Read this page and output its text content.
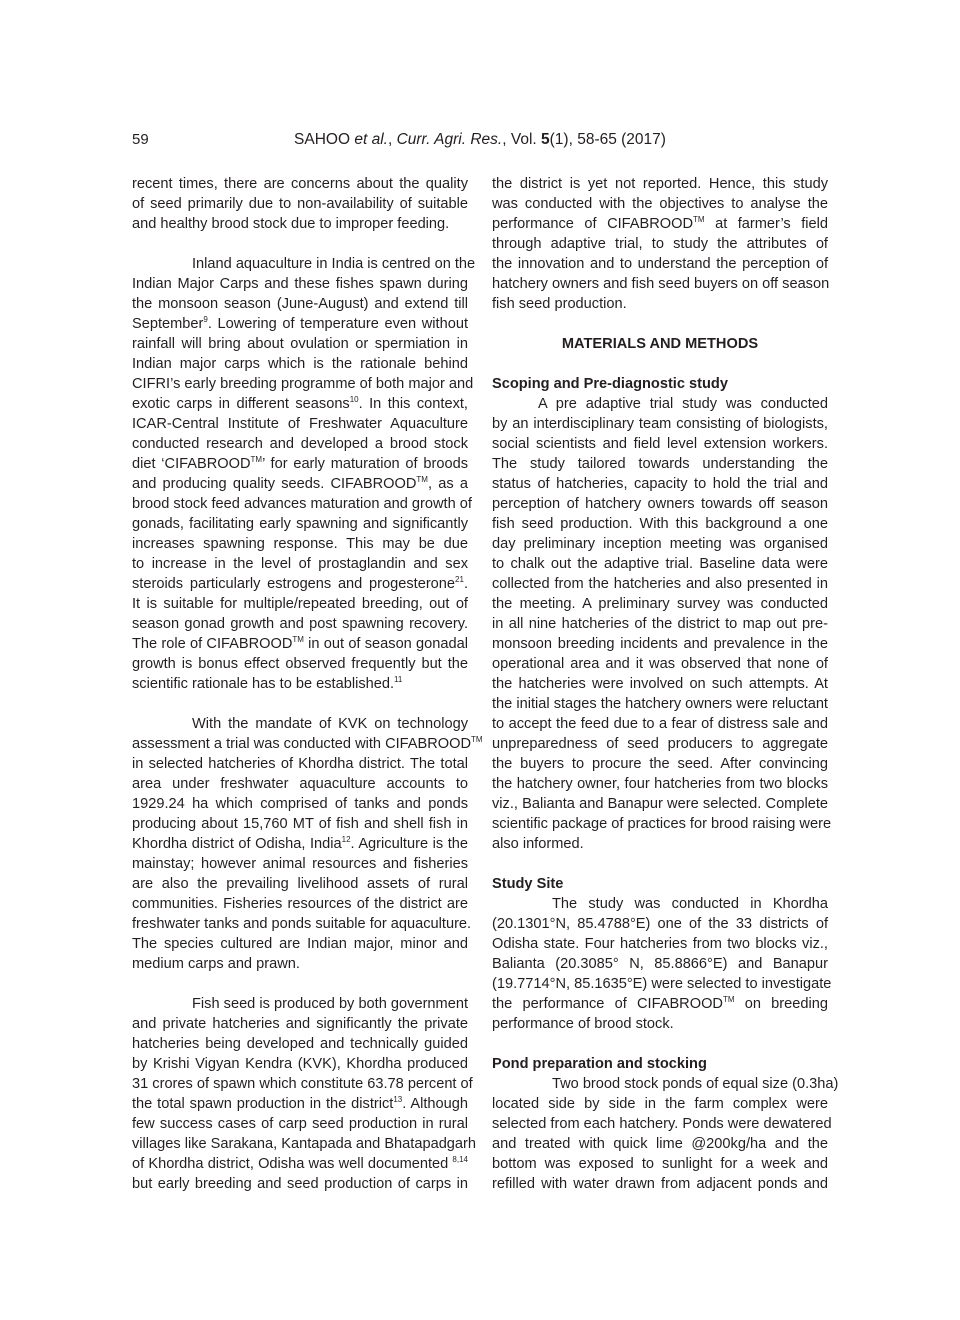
59	SAHOO et al., Curr. Agri. Res., Vol. 5(1), 58-65 (2017)
recent times, there are concerns about the quality
of seed primarily due to non-availability of suitable
and healthy brood stock due to improper feeding.
Inland aquaculture in India is centred on the
Indian Major Carps and these fishes spawn during
the monsoon season (June-August) and extend till
September$^9$. Lowering of temperature even without
rainfall will bring about ovulation or spermiation in
Indian major carps which is the rationale behind
CIFRI’s early breeding programme of both major and
exotic carps in different seasons$^{10}$. In this context,
ICAR-Central Institute of Freshwater Aquaculture
conducted research and developed a brood stock
diet ‘CIFABROOD™’ for early maturation of broods
and producing quality seeds. CIFABROOD™, as a
brood stock feed advances maturation and growth of
gonads, facilitating early spawning and significantly
increases spawning response. This may be due
to increase in the level of prostaglandin and sex
steroids particularly estrogens and progesterone$^{21}$.
It is suitable for multiple/repeated breeding, out of
season gonad growth and post spawning recovery.
The role of CIFABROOD™ in out of season gonadal
growth is bonus effect observed frequently but the
scientific rationale has to be established.$^{11}$
With the mandate of KVK on technology
assessment a trial was conducted with CIFABROOD™
in selected hatcheries of Khordha district. The total
area under freshwater aquaculture accounts to
1929.24 ha which comprised of tanks and ponds
producing about 15,760 MT of fish and shell fish in
Khordha district of Odisha, India$^{12}$. Agriculture is the
mainstay; however animal resources and fisheries
are also the prevailing livelihood assets of rural
communities. Fisheries resources of the district are
freshwater tanks and ponds suitable for aquaculture.
The species cultured are Indian major, minor and
medium carps and prawn.
Fish seed is produced by both government
and private hatcheries and significantly the private
hatcheries being developed and technically guided
by Krishi Vigyan Kendra (KVK), Khordha produced
31 crores of spawn which constitute 63.78 percent of
the total spawn production in the district$^{13}$. Although
few success cases of carp seed production in rural
villages like Sarakana, Kantapada and Bhatapadgarh
of Khordha district, Odisha was well documented $^{8,14}$
but early breeding and seed production of carps in
the district is yet not reported. Hence, this study
was conducted with the objectives to analyse the
performance of CIFABROOD™ at farmer’s field
through adaptive trial, to study the attributes of
the innovation and to understand the perception of
hatchery owners and fish seed buyers on off season
fish seed production.
MATERIALS AND METHODS
Scoping and Pre-diagnostic study
A pre adaptive trial study was conducted
by an interdisciplinary team consisting of biologists,
social scientists and field level extension workers.
The study tailored towards understanding the
status of hatcheries, capacity to hold the trial and
perception of hatchery owners towards off season
fish seed production. With this background a one
day preliminary inception meeting was organised
to chalk out the adaptive trial. Baseline data were
collected from the hatcheries and also presented in
the meeting. A preliminary survey was conducted
in all nine hatcheries of the district to map out pre-
monsoon breeding incidents and prevalence in the
operational area and it was observed that none of
the hatcheries were involved on such attempts. At
the initial stages the hatchery owners were reluctant
to accept the feed due to a fear of distress sale and
unpreparedness of seed producers to aggregate
the buyers to procure the seed. After convincing
the hatchery owner, four hatcheries from two blocks
viz., Balianta and Banapur were selected. Complete
scientific package of practices for brood raising were
also informed.
Study Site
The study was conducted in Khordha
(20.1301°N, 85.4788°E) one of the 33 districts of
Odisha state. Four hatcheries from two blocks viz.,
Balianta (20.3085° N, 85.8866°E) and Banapur
(19.7714°N, 85.1635°E) were selected to investigate
the performance of CIFABROOD™ on breeding
performance of brood stock.
Pond preparation and stocking
Two brood stock ponds of equal size (0.3ha)
located side by side in the farm complex were
selected from each hatchery. Ponds were dewatered
and treated with quick lime @200kg/ha and the
bottom was exposed to sunlight for a week and
refilled with water drawn from adjacent ponds and
